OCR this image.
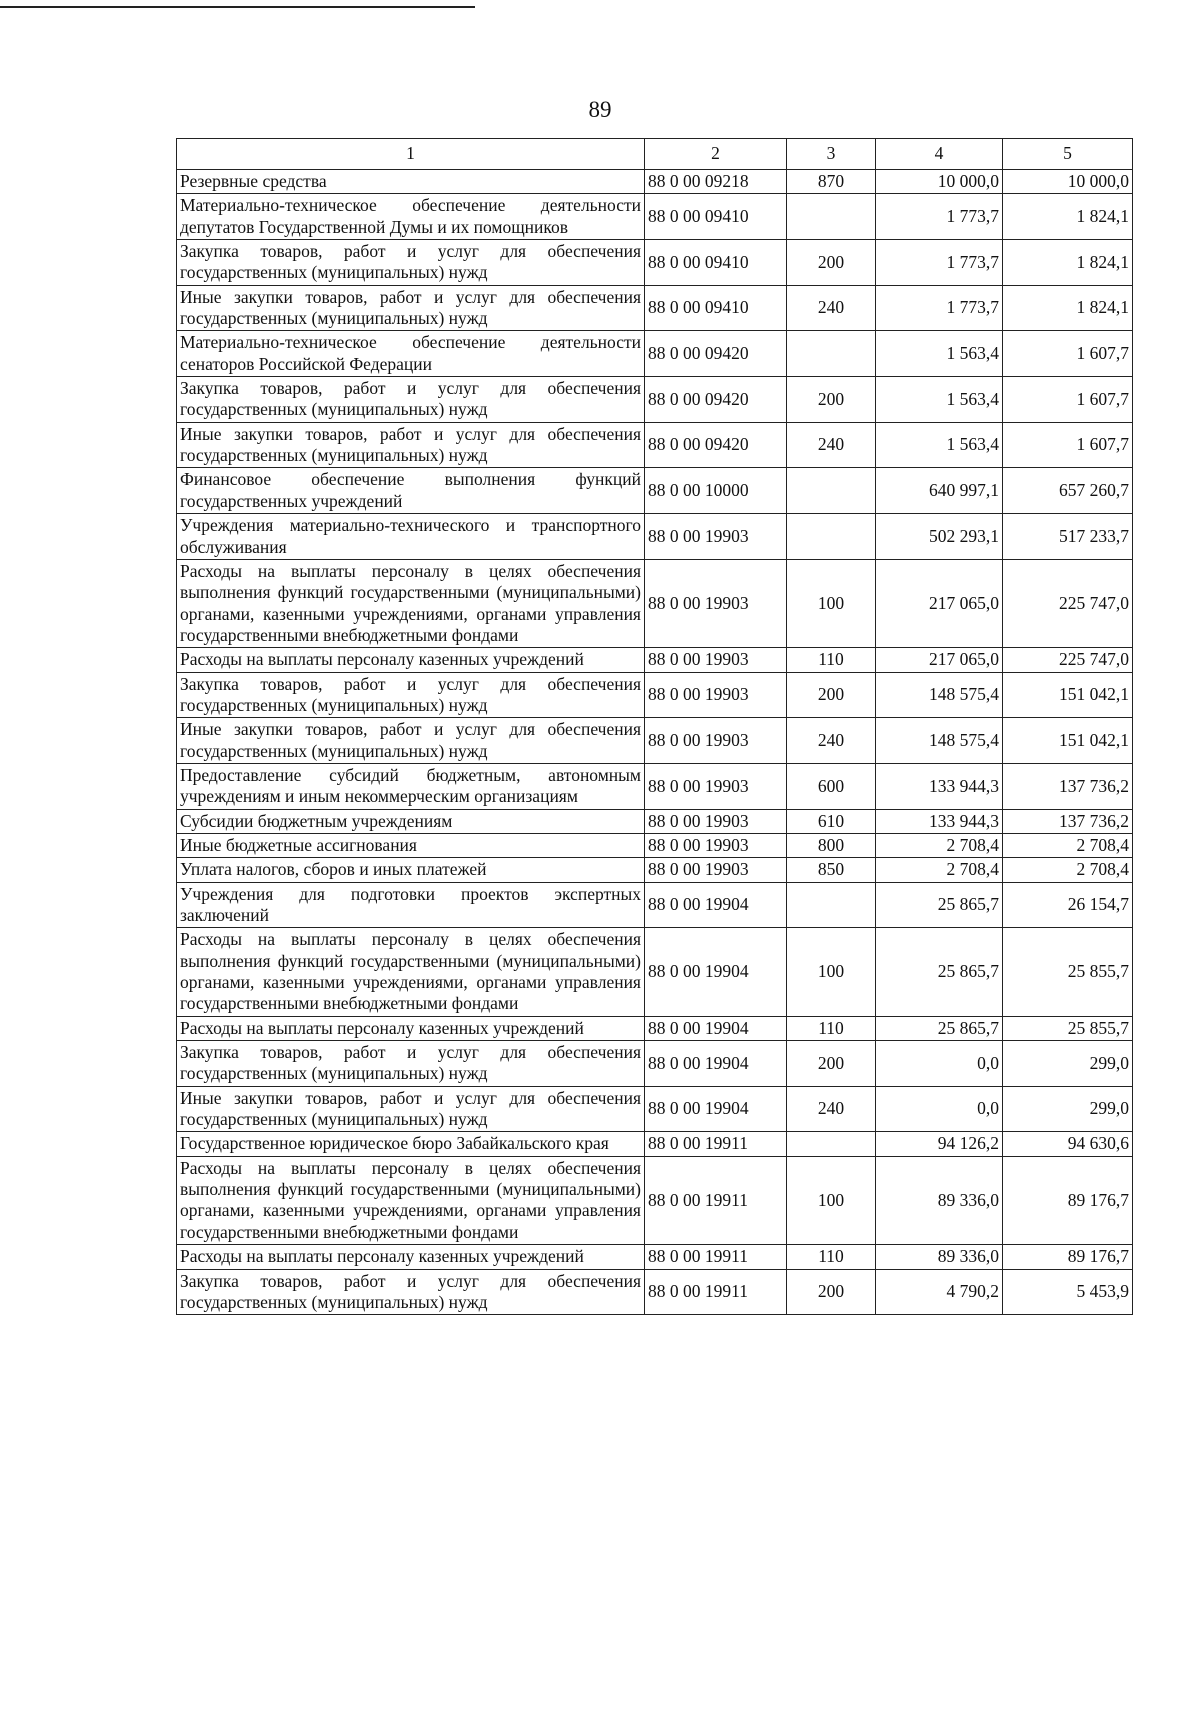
89
1	2	3	4	5
Резервные средства	88 0 00 09218	870	10 000,0	10 000,0
Материально-техническое обеспечение деятельности депутатов Государственной Думы и их помощников	88 0 00 09410		1 773,7	1 824,1
Закупка товаров, работ и услуг для обеспечения государственных (муниципальных) нужд	88 0 00 09410	200	1 773,7	1 824,1
Иные закупки товаров, работ и услуг для обеспечения государственных (муниципальных) нужд	88 0 00 09410	240	1 773,7	1 824,1
Материально-техническое обеспечение деятельности сенаторов Российской Федерации	88 0 00 09420		1 563,4	1 607,7
Закупка товаров, работ и услуг для обеспечения государственных (муниципальных) нужд	88 0 00 09420	200	1 563,4	1 607,7
Иные закупки товаров, работ и услуг для обеспечения государственных (муниципальных) нужд	88 0 00 09420	240	1 563,4	1 607,7
Финансовое обеспечение выполнения функций государственных учреждений	88 0 00 10000		640 997,1	657 260,7
Учреждения материально-технического и транспортного обслуживания	88 0 00 19903		502 293,1	517 233,7
Расходы на выплаты персоналу в целях обеспечения выполнения функций государственными (муниципальными) органами, казенными учреждениями, органами управления государственными внебюджетными фондами	88 0 00 19903	100	217 065,0	225 747,0
Расходы на выплаты персоналу казенных учреждений	88 0 00 19903	110	217 065,0	225 747,0
Закупка товаров, работ и услуг для обеспечения государственных (муниципальных) нужд	88 0 00 19903	200	148 575,4	151 042,1
Иные закупки товаров, работ и услуг для обеспечения государственных (муниципальных) нужд	88 0 00 19903	240	148 575,4	151 042,1
Предоставление субсидий бюджетным, автономным учреждениям и иным некоммерческим организациям	88 0 00 19903	600	133 944,3	137 736,2
Субсидии бюджетным учреждениям	88 0 00 19903	610	133 944,3	137 736,2
Иные бюджетные ассигнования	88 0 00 19903	800	2 708,4	2 708,4
Уплата налогов, сборов и иных платежей	88 0 00 19903	850	2 708,4	2 708,4
Учреждения для подготовки проектов экспертных заключений	88 0 00 19904		25 865,7	26 154,7
Расходы на выплаты персоналу в целях обеспечения выполнения функций государственными (муниципальными) органами, казенными учреждениями, органами управления государственными внебюджетными фондами	88 0 00 19904	100	25 865,7	25 855,7
Расходы на выплаты персоналу казенных учреждений	88 0 00 19904	110	25 865,7	25 855,7
Закупка товаров, работ и услуг для обеспечения государственных (муниципальных) нужд	88 0 00 19904	200	0,0	299,0
Иные закупки товаров, работ и услуг для обеспечения государственных (муниципальных) нужд	88 0 00 19904	240	0,0	299,0
Государственное юридическое бюро Забайкальского края	88 0 00 19911		94 126,2	94 630,6
Расходы на выплаты персоналу в целях обеспечения выполнения функций государственными (муниципальными) органами, казенными учреждениями, органами управления государственными внебюджетными фондами	88 0 00 19911	100	89 336,0	89 176,7
Расходы на выплаты персоналу казенных учреждений	88 0 00 19911	110	89 336,0	89 176,7
Закупка товаров, работ и услуг для обеспечения государственных (муниципальных) нужд	88 0 00 19911	200	4 790,2	5 453,9
